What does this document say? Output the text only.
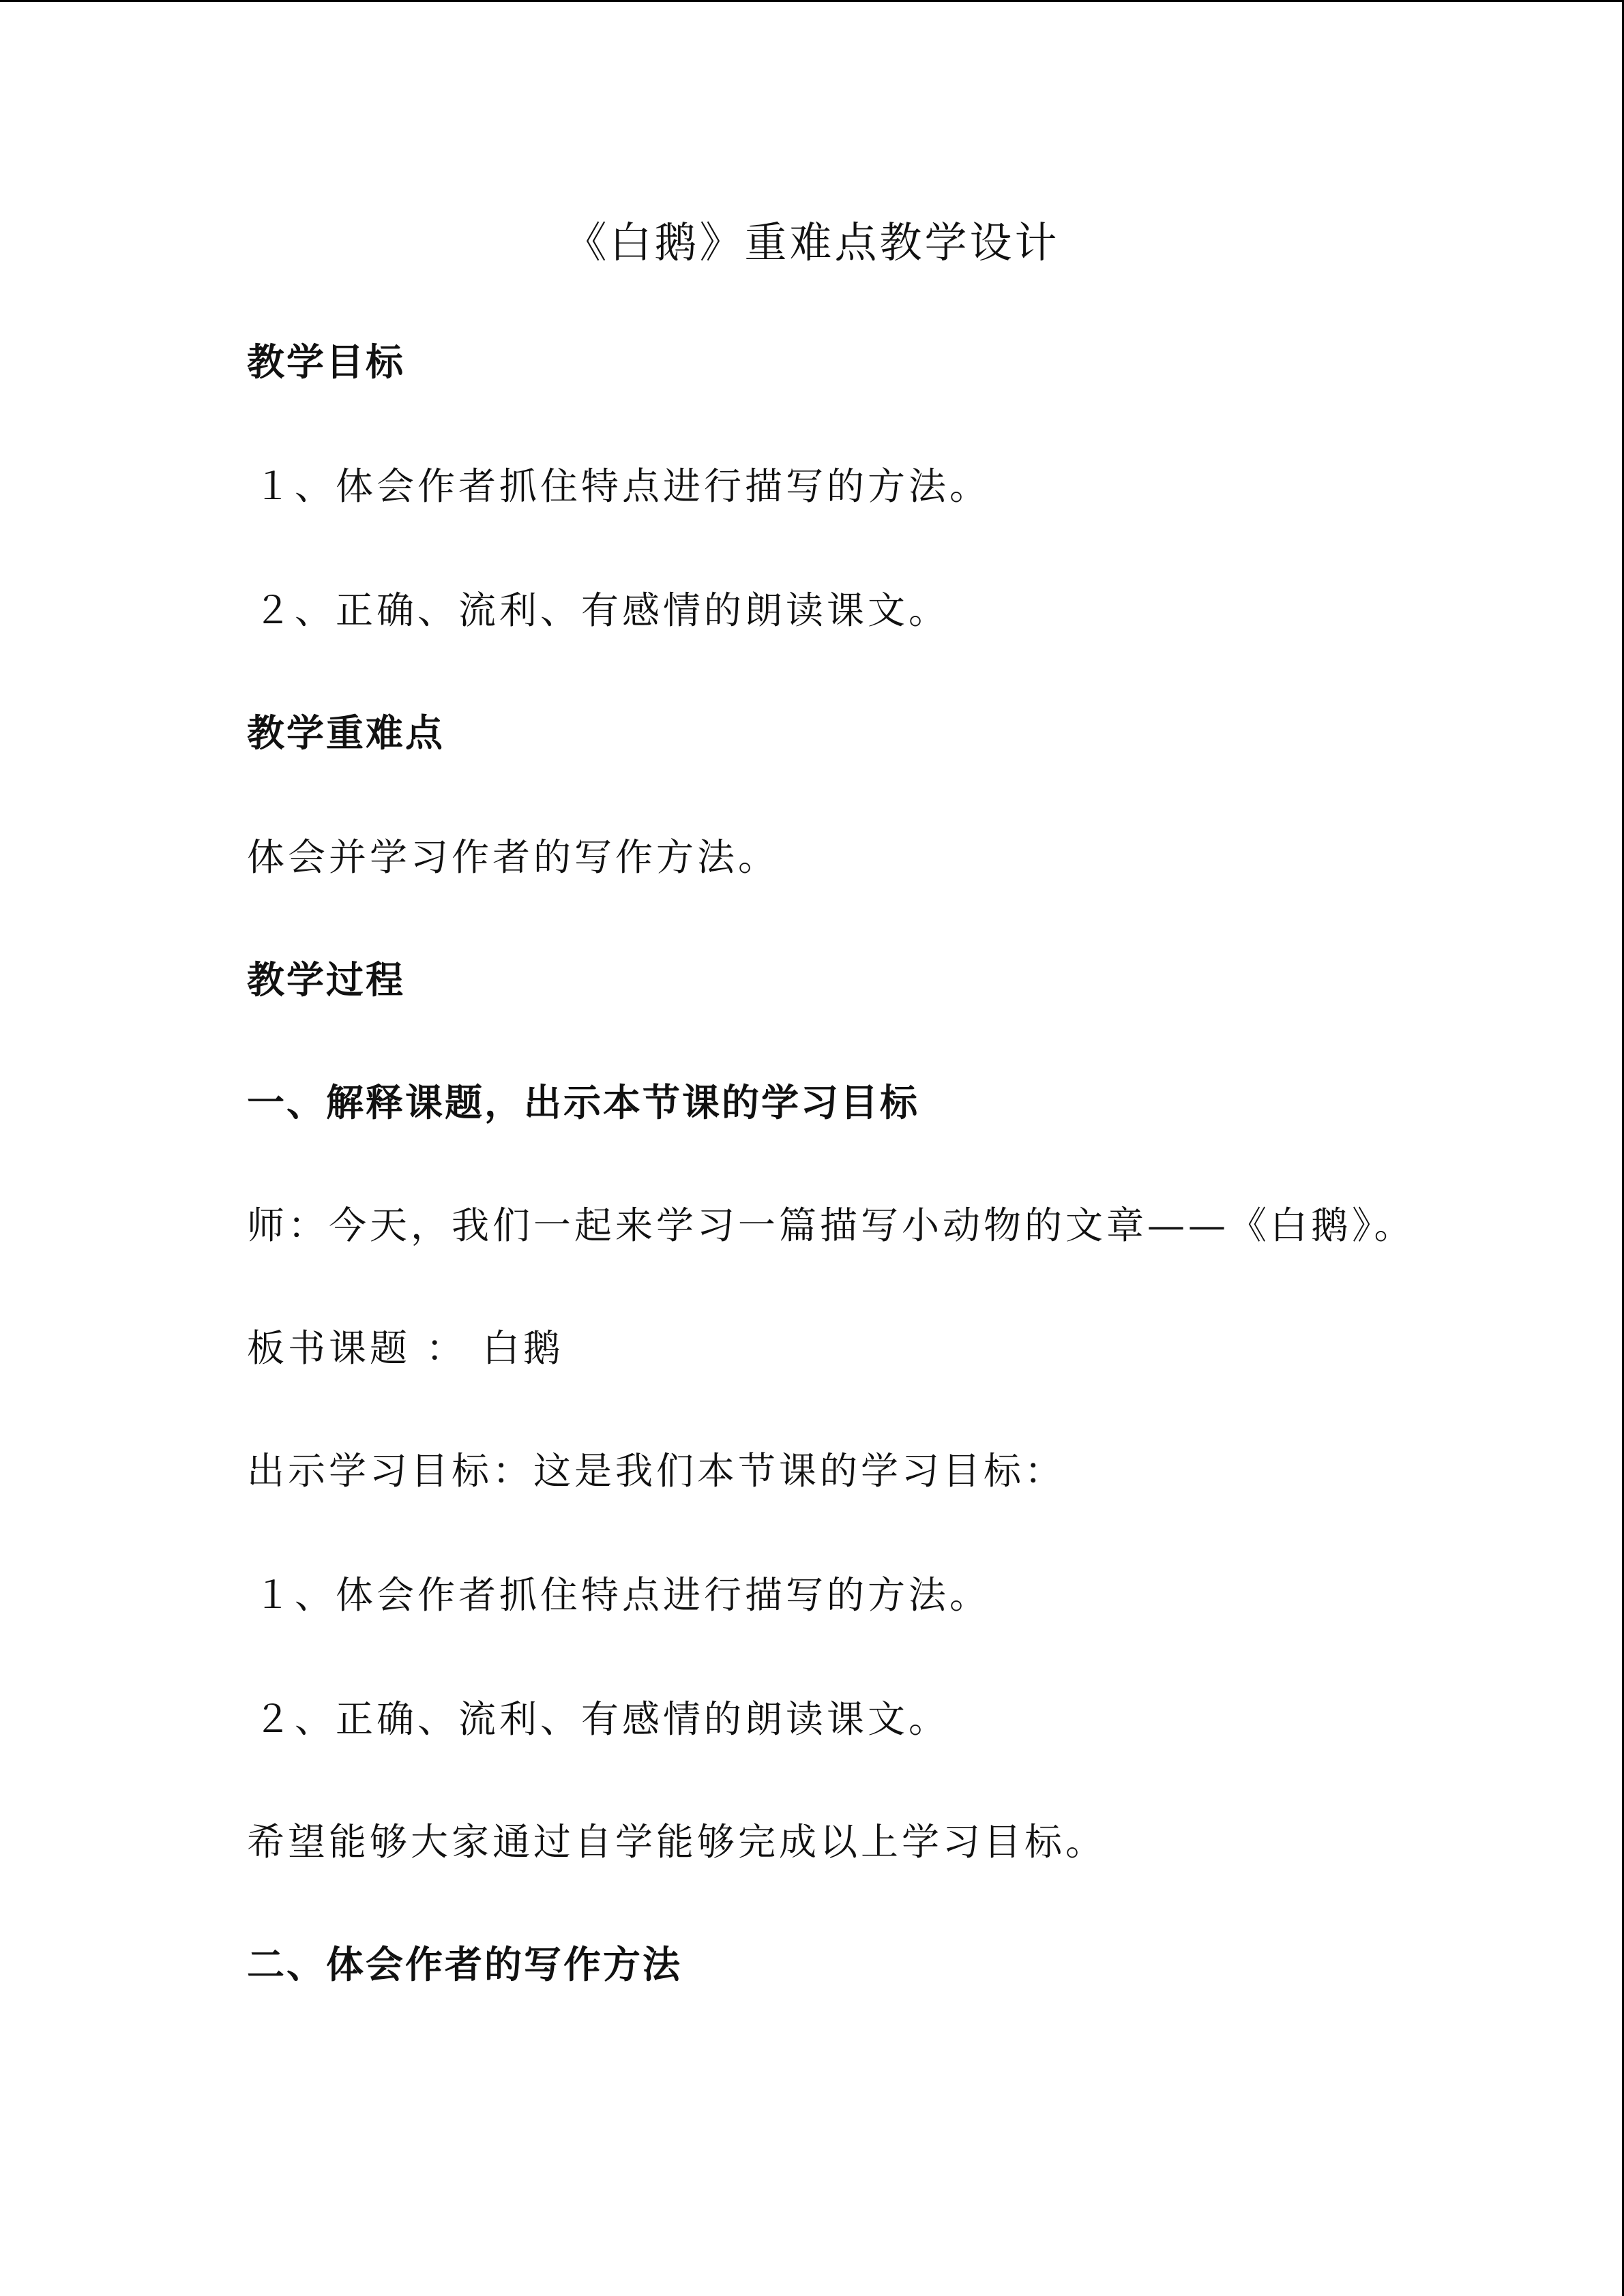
《白鹅》重难点教学设计
教学目标
１、体会作者抓住特点进行描写的方法。
２、正确、流利、有感情的朗读课文。
教学重难点
体会并学习作者的写作方法。
教学过程
一、解释课题，出示本节课的学习目标
师：今天，我们一起来学习一篇描写小动物的文章——《白鹅》。
板书课题 ： 白鹅
出示学习目标：这是我们本节课的学习目标：
１、体会作者抓住特点进行描写的方法。
２、正确、流利、有感情的朗读课文。
希望能够大家通过自学能够完成以上学习目标。
二、体会作者的写作方法
